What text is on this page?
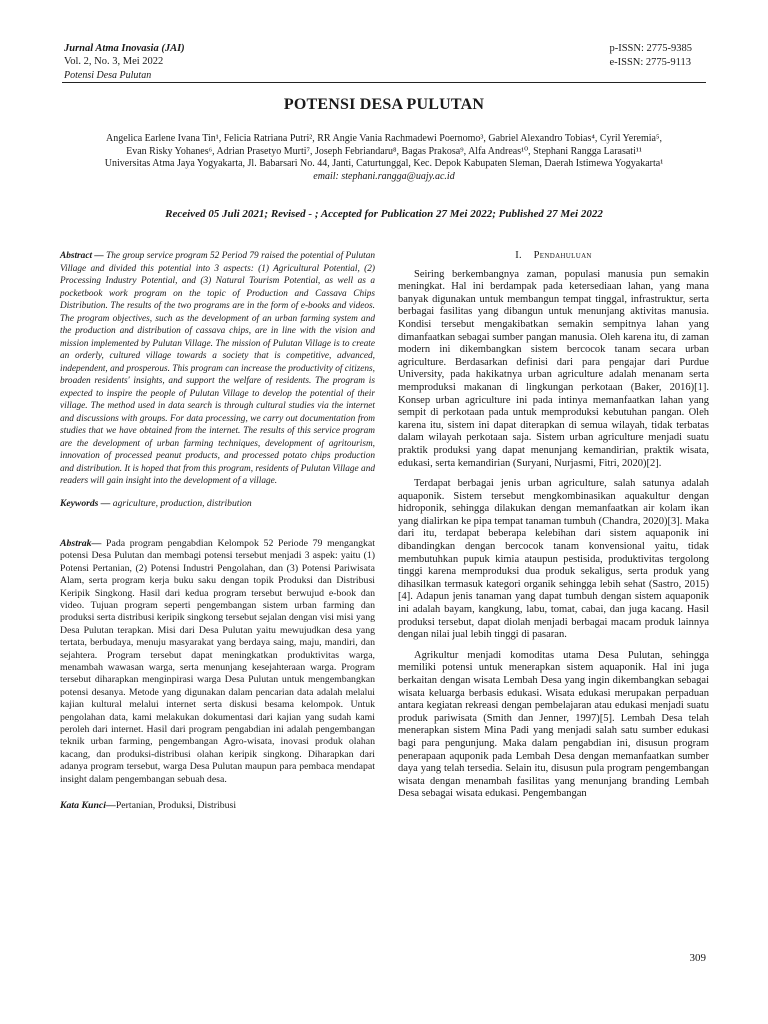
Jurnal Atma Inovasia (JAI)
Vol. 2, No. 3, Mei 2022
Potensi Desa Pulutan
p-ISSN: 2775-9385
e-ISSN: 2775-9113
POTENSI DESA PULUTAN
Angelica Earlene Ivana Tin¹, Felicia Ratriana Putri², RR Angie Vania Rachmadewi Poernomo³, Gabriel Alexandro Tobias⁴, Cyril Yeremia⁵,
Evan Risky Yohanes⁶, Adrian Prasetyo Murti⁷, Joseph Febriandaru⁸, Bagas Prakosa⁹, Alfa Andreas¹⁰, Stephani Rangga Larasati¹¹
Universitas Atma Jaya Yogyakarta, Jl. Babarsari No. 44, Janti, Caturtunggal, Kec. Depok Kabupaten Sleman, Daerah Istimewa Yogyakarta¹
email: stephani.rangga@uajy.ac.id
Received 05 Juli 2021; Revised - ; Accepted for Publication 27 Mei 2022; Published 27 Mei 2022
Abstract — The group service program 52 Period 79 raised the potential of Pulutan Village and divided this potential into 3 aspects: (1) Agricultural Potential, (2) Processing Industry Potential, and (3) Natural Tourism Potential, as well as a pocketbook work program on the topic of Production and Cassava Chips Distribution. The results of the two programs are in the form of e-books and videos. The program objectives, such as the development of an urban farming system and the production and distribution of cassava chips, are in line with the vision and mission implemented by Pulutan Village. The mission of Pulutan Village is to create an orderly, cultured village towards a society that is competitive, advanced, independent, and prosperous. This program can increase the productivity of citizens, broaden residents' insights, and support the welfare of residents. The program is expected to inspire the people of Pulutan Village to develop the potential of their village. The method used in data search is through cultural studies via the internet and discussions with groups. For data processing, we carry out documentation from studies that we have obtained from the internet. The results of this service program are the development of urban farming techniques, development of agritourism, innovation of processed peanut products, and processed potato chips production and distribution. It is hoped that from this program, residents of Pulutan Village and readers will gain insight into the development of a village.
Keywords — agriculture, production, distribution
Abstrak— Pada program pengabdian Kelompok 52 Periode 79 mengangkat potensi Desa Pulutan dan membagi potensi tersebut menjadi 3 aspek: yaitu (1) Potensi Pertanian, (2) Potensi Industri Pengolahan, dan (3) Potensi Pariwisata Alam, serta program kerja buku saku dengan topik Produksi dan Distribusi Keripik Singkong. Hasil dari kedua program tersebut berwujud e-book dan video. Tujuan program seperti pengembangan sistem urban farming dan produksi serta distribusi keripik singkong tersebut sejalan dengan visi misi yang Desa Pulutan terapkan. Misi dari Desa Pulutan yaitu mewujudkan desa yang tertata, berbudaya, menuju masyarakat yang berdaya saing, maju, mandiri, dan sejahtera. Program tersebut dapat meningkatkan produktivitas warga, menambah wawasan warga, serta menunjang kesejahteraan warga. Program tersebut diharapkan menginpirasi warga Desa Pulutan untuk mengembangkan potensi desanya. Metode yang digunakan dalam pencarian data adalah melalui kajian kultural melalui internet serta diskusi besama kelompok. Untuk pengolahan data, kami melakukan dokumentasi dari kajian yang sudah kami peroleh dari internet. Hasil dari program pengabdian ini adalah pengembangan teknik urban farming, pengembangan Agro-wisata, inovasi produk olahan kacang, dan produksi-distribusi olahan keripik singkong. Diharapkan dari adanya program tersebut, warga Desa Pulutan maupun para pembaca mendapat insight dalam pengembangan sebuah desa.
Kata Kunci—Pertanian, Produksi, Distribusi
I. Pendahuluan

Seiring berkembangnya zaman, populasi manusia pun semakin meningkat. Hal ini berdampak pada ketersediaan lahan, yang mana banyak digunakan untuk membangun tempat tinggal, infrastruktur, serta berbagai fasilitas yang dibangun untuk menunjang aktivitas manusia. Kondisi tersebut mengakibatkan semakin sempitnya lahan yang dimanfaatkan sebagai sumber pangan manusia. Oleh karena itu, di zaman modern ini dikembangkan sistem bercocok tanam secara urban agriculture. Berdasarkan definisi dari para pengajar dari Purdue University, pada hakikatnya urban agriculture adalah menanam serta memproduksi makanan di lingkungan perkotaan (Baker, 2016)[1]. Konsep urban agriculture ini pada intinya memanfaatkan lahan yang sempit di perkotaan pada untuk memproduksi kebutuhan pangan. Oleh karena itu, sistem ini dapat diterapkan di semua wilayah, tidak terbatas dalam wilayah perkotaan saja. Sistem urban agriculture menjadi suatu praktik produksi yang dapat menunjang kemandirian, praktik wisata, edukasi, serta kemandirian (Suryani, Nurjasmi, Fitri, 2020)[2].

Terdapat berbagai jenis urban agriculture, salah satunya adalah aquaponik. Sistem tersebut mengkombinasikan aquakultur dengan hidroponik, sehingga dilakukan dengan memanfaatkan air kolam ikan yang dialirkan ke pipa tempat tanaman tumbuh (Chandra, 2020)[3]. Maka dari itu, terdapat beberapa kelebihan dari sistem aquaponik ini dibandingkan dengan bercocok tanam konvensional yaitu, tidak membutuhkan pupuk kimia ataupun pestisida, produktivitas tergolong tinggi karena memproduksi dua produk sekaligus, serta produk yang dihasilkan termasuk kategori organik sehingga lebih sehat (Sastro, 2015)[4]. Adapun jenis tanaman yang dapat tumbuh dengan sistem aquaponik ini adalah bayam, kangkung, labu, tomat, cabai, dan juga kacang. Hasil produksi tersebut, dapat diolah menjadi berbagai macam produk lainnya dengan nilai jual lebih tinggi di pasaran.

Agrikultur menjadi komoditas utama Desa Pulutan, sehingga memiliki potensi untuk menerapkan sistem aquaponik. Hal ini juga berkaitan dengan wisata Lembah Desa yang ingin dikembangkan sebagai wisata keluarga berbasis edukasi. Wisata edukasi merupakan perpaduan antara kegiatan rekreasi dengan pembelajaran atau edukasi menjadi suatu produk pariwisata (Smith dan Jenner, 1997)[5]. Lembah Desa telah menerapkan sistem Mina Padi yang menjadi salah satu sumber edukasi bagi para pengunjung. Maka dalam pengabdian ini, disusun program penerapaan aquponik pada Lembah Desa dengan memanfaatkan sumber daya yang telah tersedia. Selain itu, disusun pula program pengembangan wisata dengan menambah fasilitas yang menunjang branding Lembah Desa sebagai wisata edukasi. Pengembangan

309
